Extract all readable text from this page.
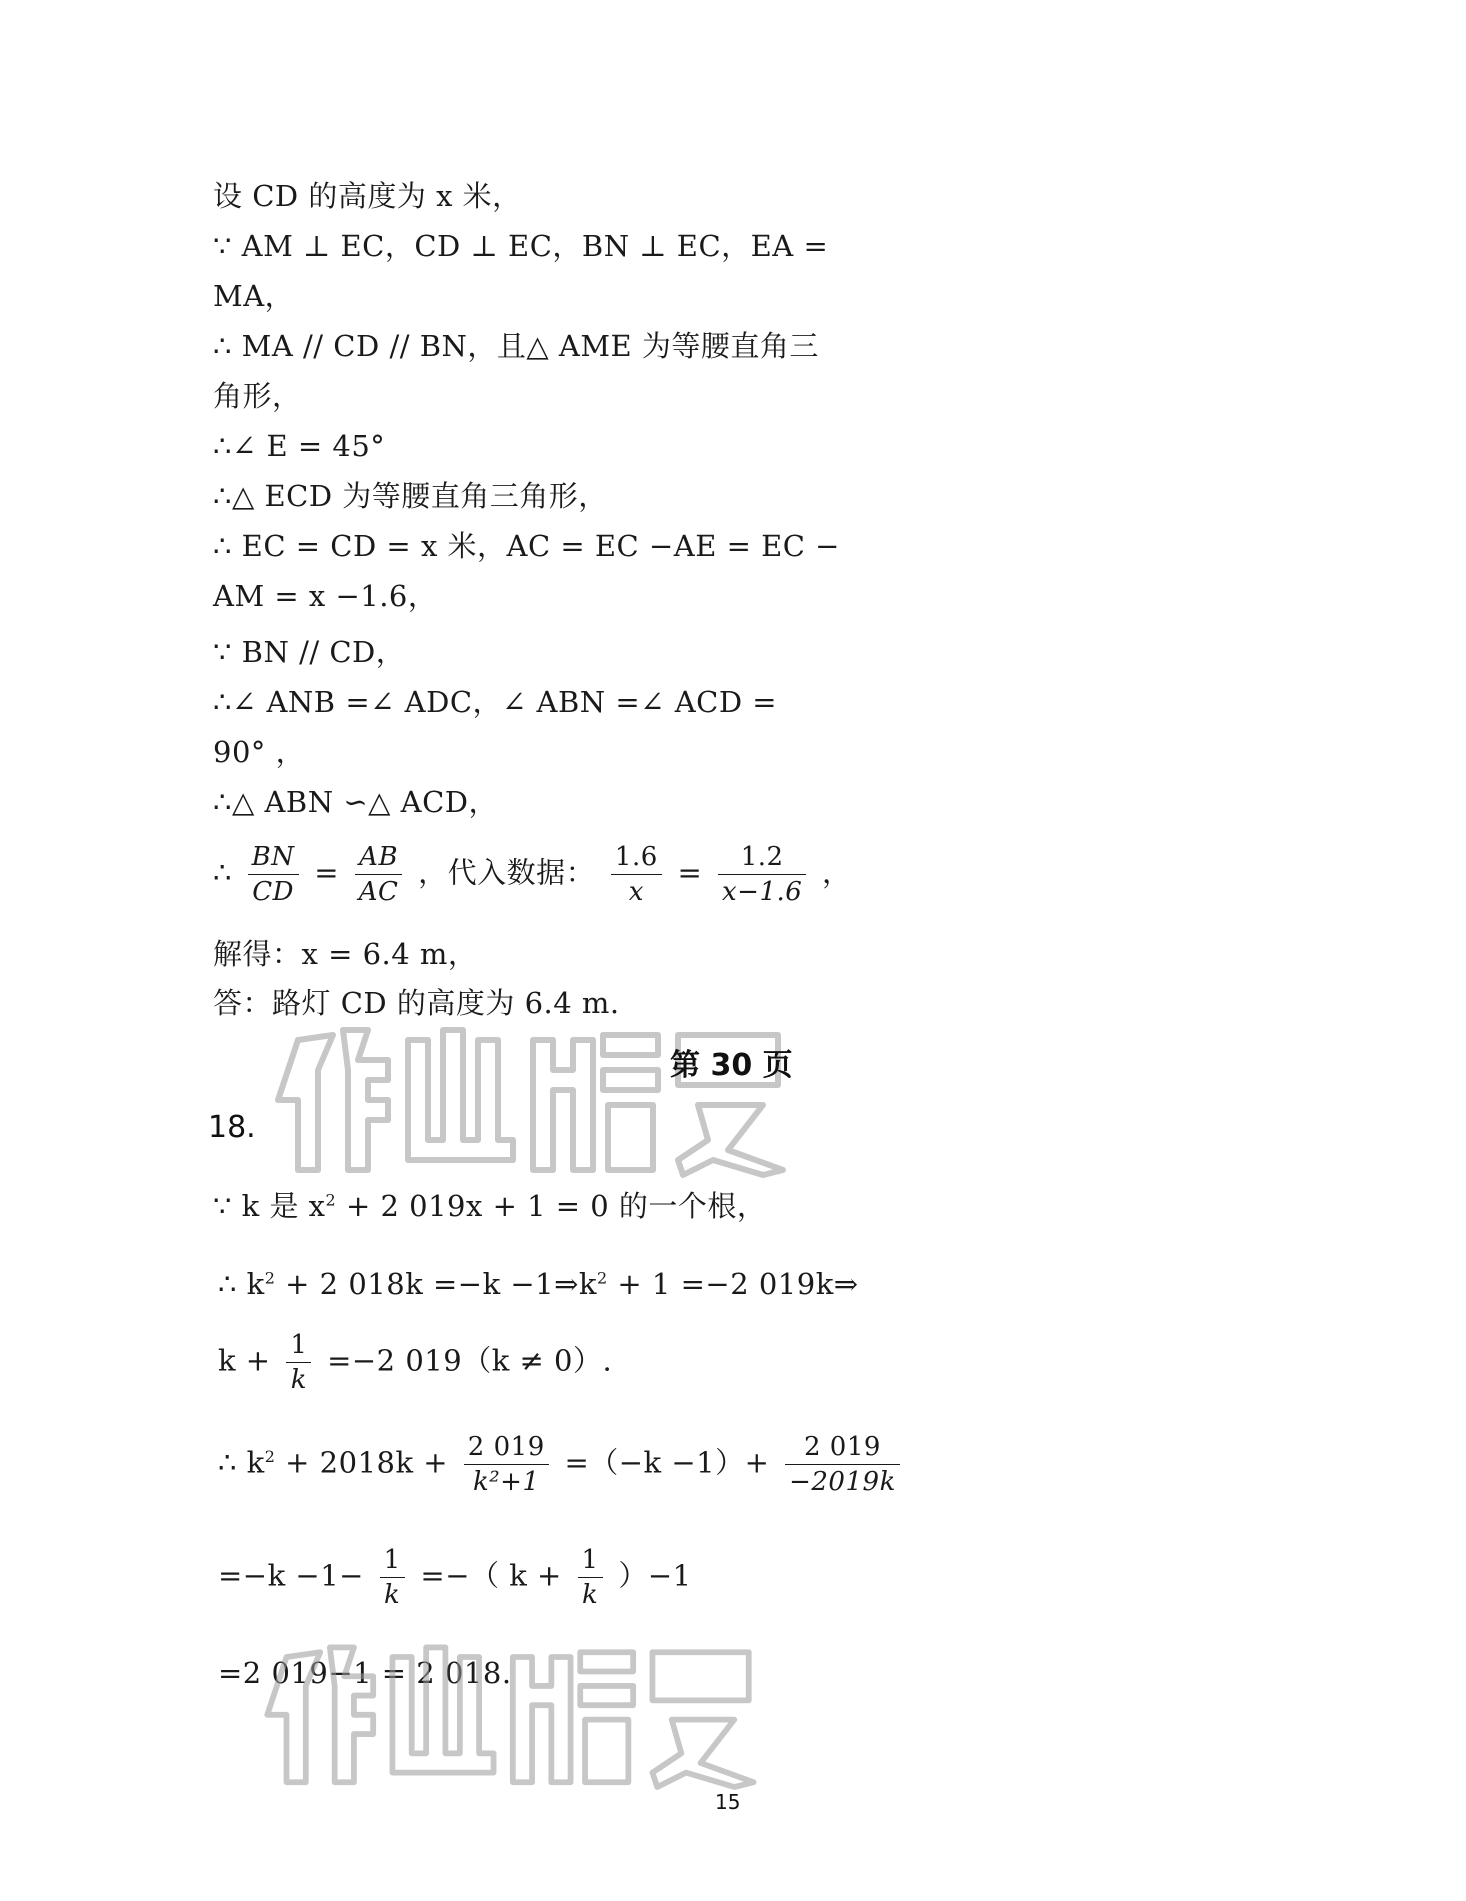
设 CD 的高度为 x 米，
∵ AM ⊥ EC，CD ⊥ EC，BN ⊥ EC，EA =
MA，
∴ MA // CD // BN，且△ AME 为等腰直角三
角形，
∴∠ E = 45°
∴△ ECD 为等腰直角三角形，
∴ EC = CD = x 米，AC = EC −AE = EC −
AM = x −1.6，
∵ BN // CD，
∴∠ ANB =∠ ADC，∠ ABN =∠ ACD =
90° ，
∴△ ABN ∽△ ACD，
∴ $\frac{BN}{CD} = \frac{AB}{AC}$ ，代入数据： $\frac{1.6}{x} = \frac{1.2}{x-1.6}$ ，
解得：x = 6.4 m，
答：路灯 CD 的高度为 6.4 m.
第 30 页
18.
∵ k 是 $x^2 + 2$ 019x + 1 = 0 的一个根，
∴ $k^2 + 2$ $018k =-k -1\Rightarrow k^2 + 1 =-2$ 019k⇒
$k + \frac{1}{k} =-2$ 019（k ≠ 0）.
∴ $k^2 + 2018k + \frac{2 019}{\text{k²+1}} =(-k -1)+ \frac{2 019}{-2019k}$
$=-k -1- \frac{1}{k}$ =−（ $k + \frac{1}{k} )-1$
=2 019−1 = 2 018.
15
